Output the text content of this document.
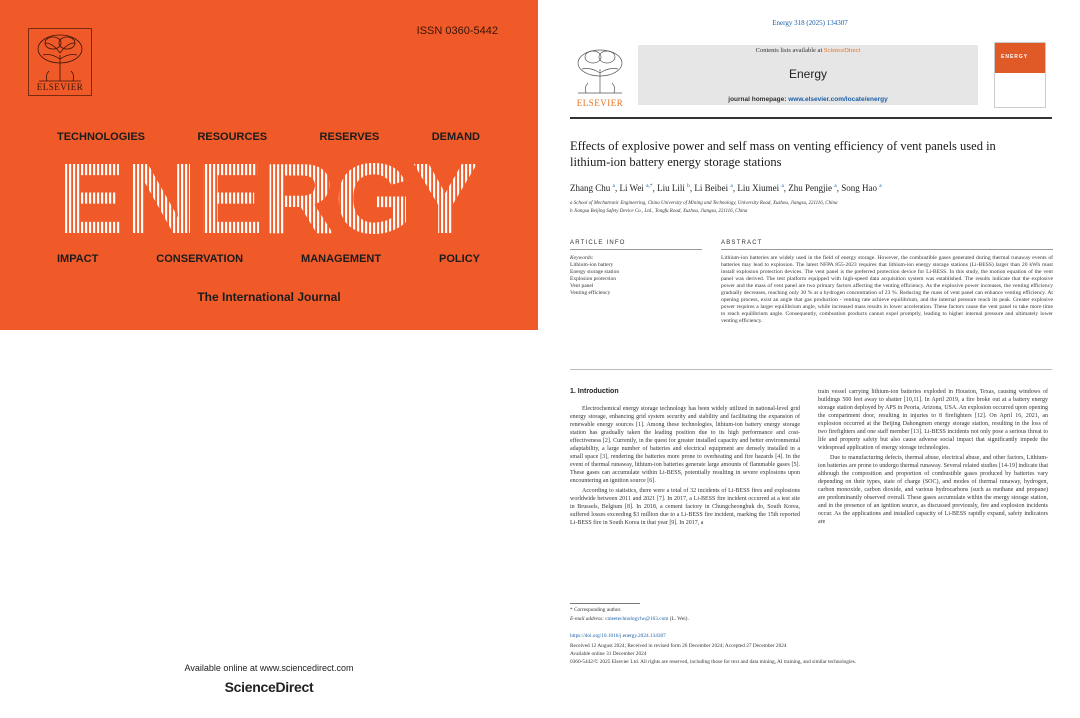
ELSEVIER
ISSN 0360-5442
TECHNOLOGIES	RESOURCES	RESERVES	DEMAND
IMPACT	CONSERVATION	MANAGEMENT	POLICY
The International Journal
Available online at www.sciencedirect.com
ScienceDirect
Energy 318 (2025) 134307
ELSEVIER
Contents lists available at ScienceDirect
Energy
journal homepage: www.elsevier.com/locate/energy
ENERGY
Effects of explosive power and self mass on venting efficiency of vent panels used in lithium-ion battery energy storage stations
Zhang Chu $^a$, Li Wei $^{a,*}$, Liu Lili $^b$, Li Beibei $^a$, Liu Xiumei $^a$, Zhu Pengjie $^a$, Song Hao $^a$
a School of Mechatronic Engineering, China University of Mining and Technology, University Road, Xuzhou, Jiangsu, 221116, China
b Jiangsu Beijing Safety Device Co., Ltd., Tongfu Road, Xuzhou, Jiangsu, 221116, China
ARTICLE INFO	ABSTRACT
Keywords:
Lithium-ion battery
Energy storage station
Explosion protection
Vent panel
Venting efficiency
Lithium-ion batteries are widely used in the field of energy storage. However, the combustible gases generated during thermal runaway events of batteries may lead to explosion. The latest NFPA 855-2023 requires that lithium-ion energy storage stations (Li-BESS) larger than 20 kWh must install explosion protection devices. The vent panel is the preferred protection device for Li-BESS. In this study, the motion equation of the vent panel was derived. The test platform equipped with high-speed data acquisition system was established. The results indicate that the explosive power and the mass of vent panel are two primary factors affecting the venting efficiency. As the explosive power increases, the venting efficiency gradually decreases, reaching only 30 % at a hydrogen concentration of 23 %. Reducing the mass of vent panel can enhance venting efficiency. At opening process, exist an angle that gas production - venting rate achieve equilibrium, and the internal pressure reach its peak. Greater explosive power requires a larger equilibrium angle, while increased mass results in lower acceleration. These factors cause the vent panel to take more time to reach equilibrium angle. Consequently, combustion products cannot expel promptly, leading to higher internal pressure and ultimately lower venting efficiency.

1. Introduction

Electrochemical energy storage technology has been widely utilized in national-level grid energy storage, enhancing grid system security and stability and facilitating the expansion of renewable energy sources [1]. Among these technologies, lithium-ion battery energy storage station has gradually taken the leading position due to its high performance and cost-effectiveness [2]. Currently, in the quest for greater installed capacity and better environmental adaptability, a large number of batteries and electrical equipment are densely installed in a small space [3], rendering the batteries more prone to overheating and fire hazards [4]. In the event of thermal runaway, lithium-ion batteries generate large amounts of flammable gases [5]. These gases can accumulate within Li-BESS, potentially resulting in severe explosions upon encountering an ignition source [6].

According to statistics, there were a total of 32 incidents of Li-BESS fires and explosions worldwide between 2011 and 2021 [7]. In 2017, a Li-BESS fire incident occurred at a test site in Brussels, Belgium [8]. In 2018, a cement factory in Chungcheongbuk do, South Korea, suffered losses exceeding $3 million due to a Li-BESS fire incident, marking the 15th reported Li-BESS fire in South Korea in that year [9]. In 2017, a

train vessel carrying lithium-ion batteries exploded in Houston, Texas, causing windows of buildings 500 feet away to shatter [10,11]. In April 2019, a fire broke out at a battery energy storage station deployed by APS in Peoria, Arizona, USA. An explosion occurred upon opening the compartment door, resulting in injuries to 8 firefighters [12]. On April 16, 2021, an explosion occurred at the Beijing Dahongmen energy storage station, resulting in the loss of two firefighters and one staff member [13]. Li-BESS incidents not only pose a serious threat to life and property safety but also cause adverse social impact that significantly impede the widespread application of energy storage technologies.

Due to manufacturing defects, thermal abuse, electrical abuse, and other factors, Lithium-ion batteries are prone to undergo thermal runaway. Several related studies [14-19] indicate that although the composition and proportion of combustible gases produced by batteries vary depending on their types, state of charge (SOC), and modes of thermal runaway, hydrogen, carbon monoxide, carbon dioxide, and various hydrocarbons (such as methane and propane) are predominantly observed overall. These gases accumulate within the energy storage station, and in the presence of an ignition source, as discussed previously, fire and explosion incidents occur. As the applications and installed capacity of Li-BESS rapidly expand, safety indicators are

* Corresponding author.
E-mail address: cmeetechnologylw@163.com (L. Wei).
https://doi.org/10.1016/j.energy.2024.134307
Received 12 August 2024; Received in revised form 26 December 2024; Accepted 27 December 2024
Available online 31 December 2024
0360-5442/© 2025 Elsevier Ltd. All rights are reserved, including those for text and data mining, AI training, and similar technologies.
